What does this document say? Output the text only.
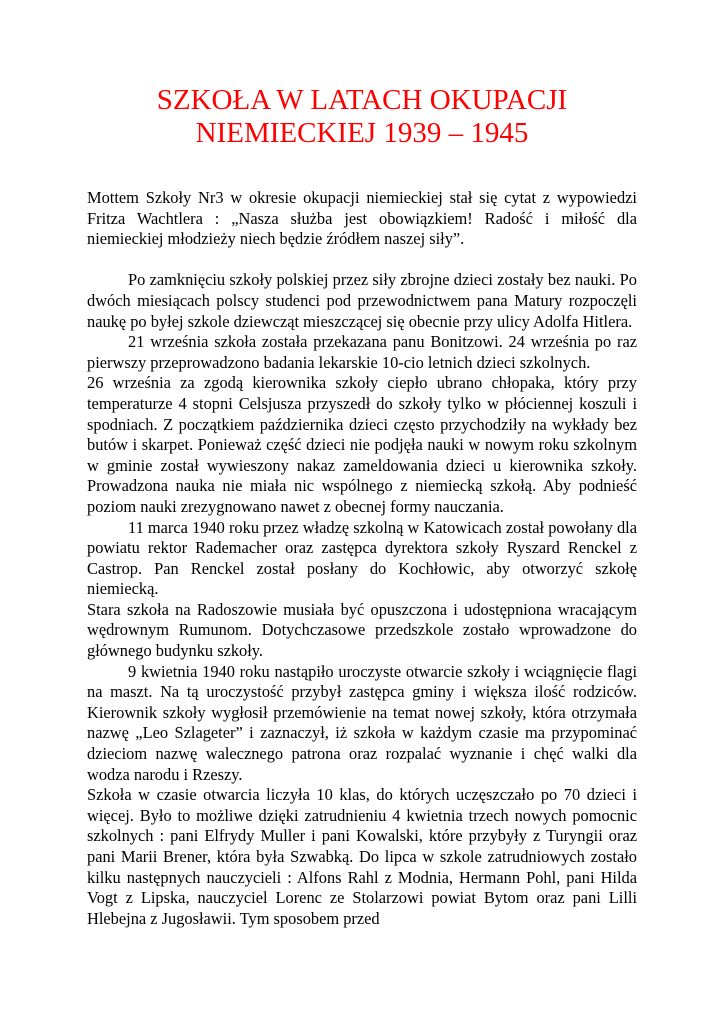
SZKOŁA W LATACH OKUPACJI
NIEMIECKIEJ 1939 – 1945

Mottem Szkoły Nr3 w okresie okupacji niemieckiej stał się cytat z wypowiedzi Fritza Wachtlera : „Nasza służba jest obowiązkiem! Radość i miłość dla niemieckiej młodzieży niech będzie źródłem naszej siły”.

Po zamknięciu szkoły polskiej przez siły zbrojne dzieci zostały bez nauki. Po dwóch miesiącach polscy studenci pod przewodnictwem pana Matury rozpoczęli naukę po byłej szkole dziewcząt mieszczącej się obecnie przy ulicy Adolfa Hitlera.

21 września szkoła została przekazana panu Bonitzowi. 24 września po raz pierwszy przeprowadzono badania lekarskie 10-cio letnich dzieci szkolnych.

26 września za zgodą kierownika szkoły ciepło ubrano chłopaka, który przy temperaturze 4 stopni Celsjusza przyszedł do szkoły tylko w płóciennej koszuli i spodniach. Z początkiem października dzieci często przychodziły na wykłady bez butów i skarpet. Ponieważ część dzieci nie podjęła nauki w nowym roku szkolnym w gminie został wywieszony nakaz zameldowania dzieci u kierownika szkoły. Prowadzona nauka nie miała nic wspólnego z niemiecką szkołą. Aby podnieść poziom nauki zrezygnowano nawet z obecnej formy nauczania.

11 marca 1940 roku przez władzę szkolną w Katowicach został powołany dla powiatu rektor Rademacher oraz zastępca dyrektora szkoły Ryszard Renckel z Castrop. Pan Renckel został posłany do Kochłowic, aby otworzyć szkołę niemiecką.

Stara szkoła na Radoszowie musiała być opuszczona i udostępniona wracającym wędrownym Rumunom. Dotychczasowe przedszkole zostało wprowadzone do głównego budynku szkoły.

9 kwietnia 1940 roku nastąpiło uroczyste otwarcie szkoły i wciągnięcie flagi na maszt. Na tą uroczystość przybył zastępca gminy i większa ilość rodziców. Kierownik szkoły wygłosił przemówienie na temat nowej szkoły, która otrzymała nazwę „Leo Szlageter” i zaznaczył, iż szkoła w każdym czasie ma przypominać dzieciom nazwę walecznego patrona oraz rozpalać wyznanie i chęć walki dla wodza narodu i Rzeszy.

Szkoła w czasie otwarcia liczyła 10 klas, do których uczęszczało po 70 dzieci i więcej. Było to możliwe dzięki zatrudnieniu 4 kwietnia trzech nowych pomocnic szkolnych : pani Elfrydy Muller i pani Kowalski, które przybyły z Turyngii oraz pani Marii Brener, która była Szwabką. Do lipca w szkole zatrudniowych zostało kilku następnych nauczycieli : Alfons Rahl z Modnia, Hermann Pohl, pani Hilda Vogt z Lipska, nauczyciel Lorenc ze Stolarzowi powiat Bytom oraz pani Lilli Hlebejna z Jugosławii. Tym sposobem przed
